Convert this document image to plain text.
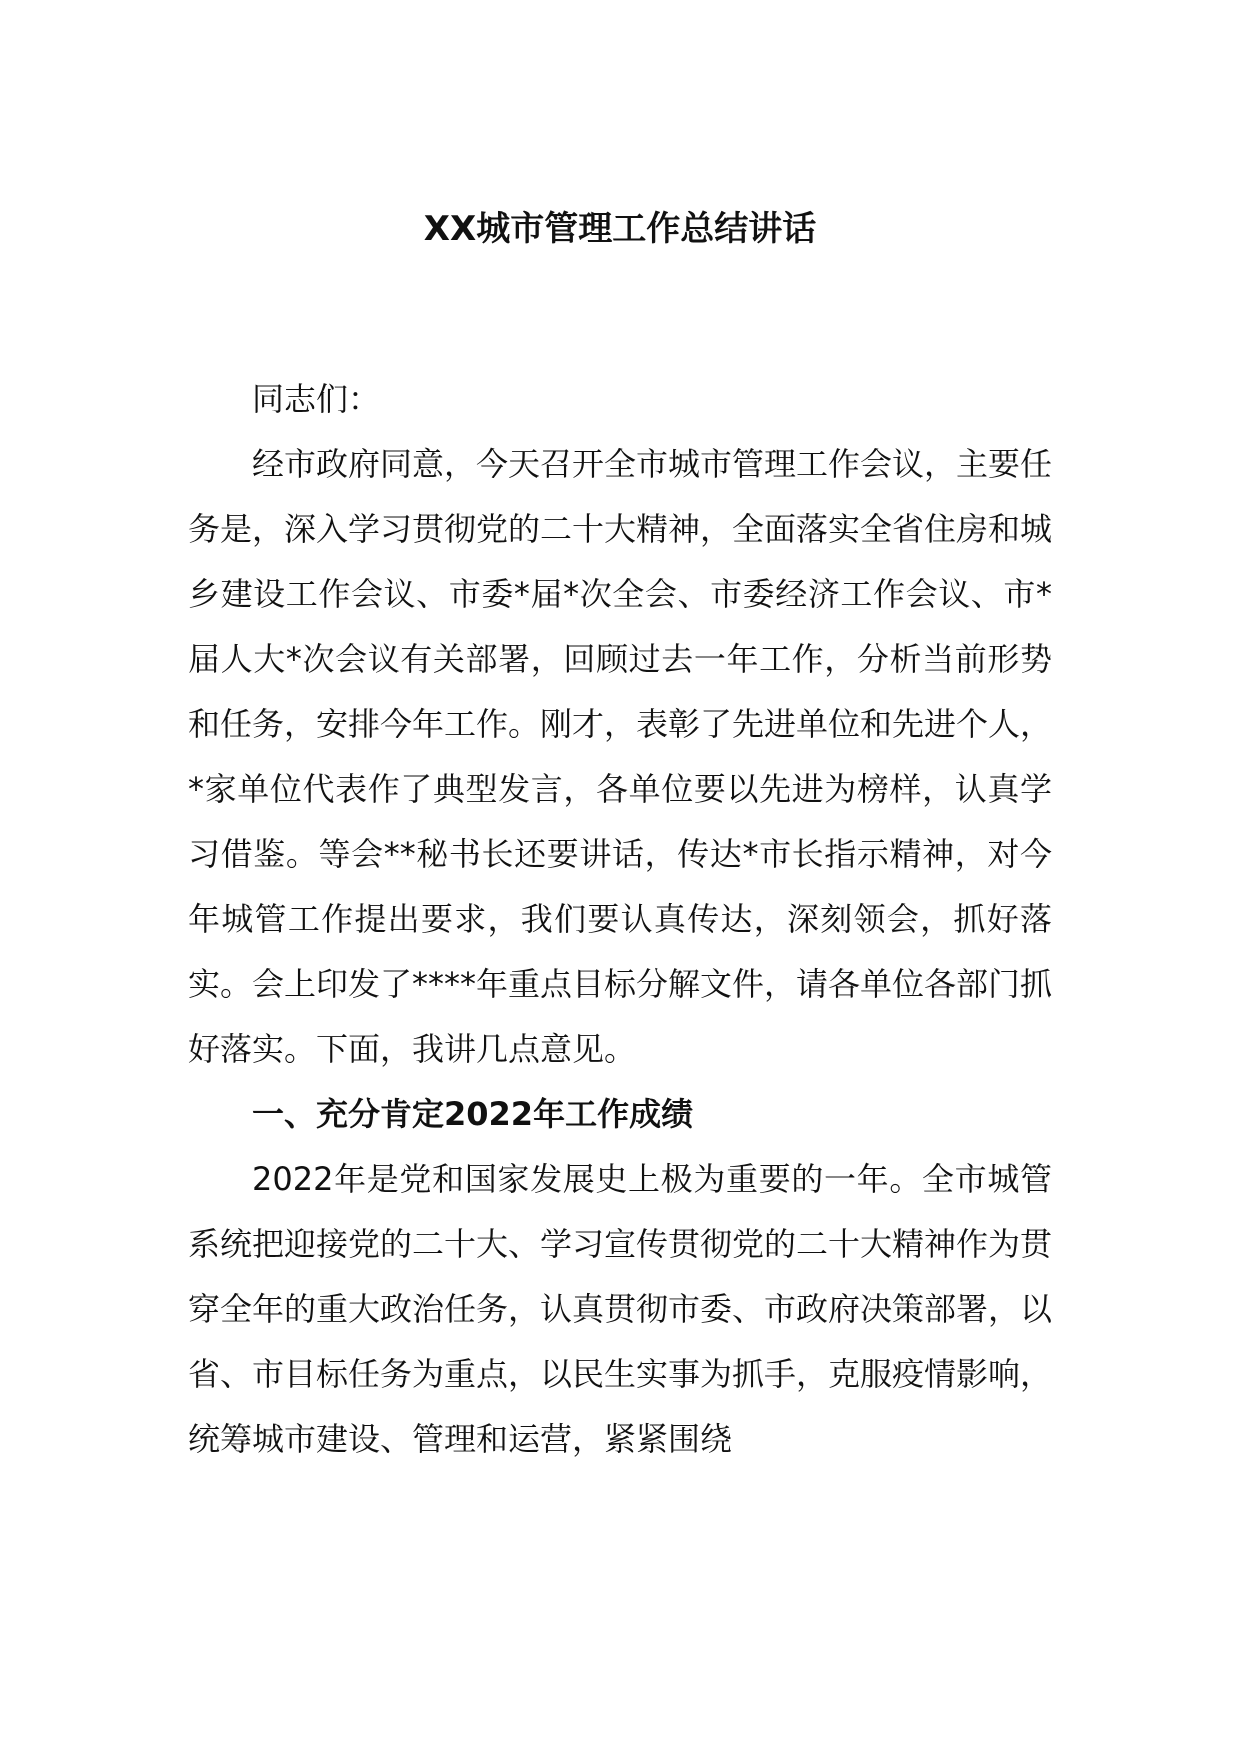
XX城市管理工作总结讲话

同志们：

经市政府同意，今天召开全市城市管理工作会议，主要任务是，深入学习贯彻党的二十大精神，全面落实全省住房和城乡建设工作会议、市委*届*次全会、市委经济工作会议、市*届人大*次会议有关部署，回顾过去一年工作，分析当前形势和任务，安排今年工作。刚才，表彰了先进单位和先进个人，*家单位代表作了典型发言，各单位要以先进为榜样，认真学习借鉴。等会**秘书长还要讲话，传达*市长指示精神，对今年城管工作提出要求，我们要认真传达，深刻领会，抓好落实。会上印发了****年重点目标分解文件，请各单位各部门抓好落实。下面，我讲几点意见。

一、充分肯定2022年工作成绩

2022年是党和国家发展史上极为重要的一年。全市城管系统把迎接党的二十大、学习宣传贯彻党的二十大精神作为贯穿全年的重大政治任务，认真贯彻市委、市政府决策部署，以省、市目标任务为重点，以民生实事为抓手，克服疫情影响，统筹城市建设、管理和运营，紧紧围绕
